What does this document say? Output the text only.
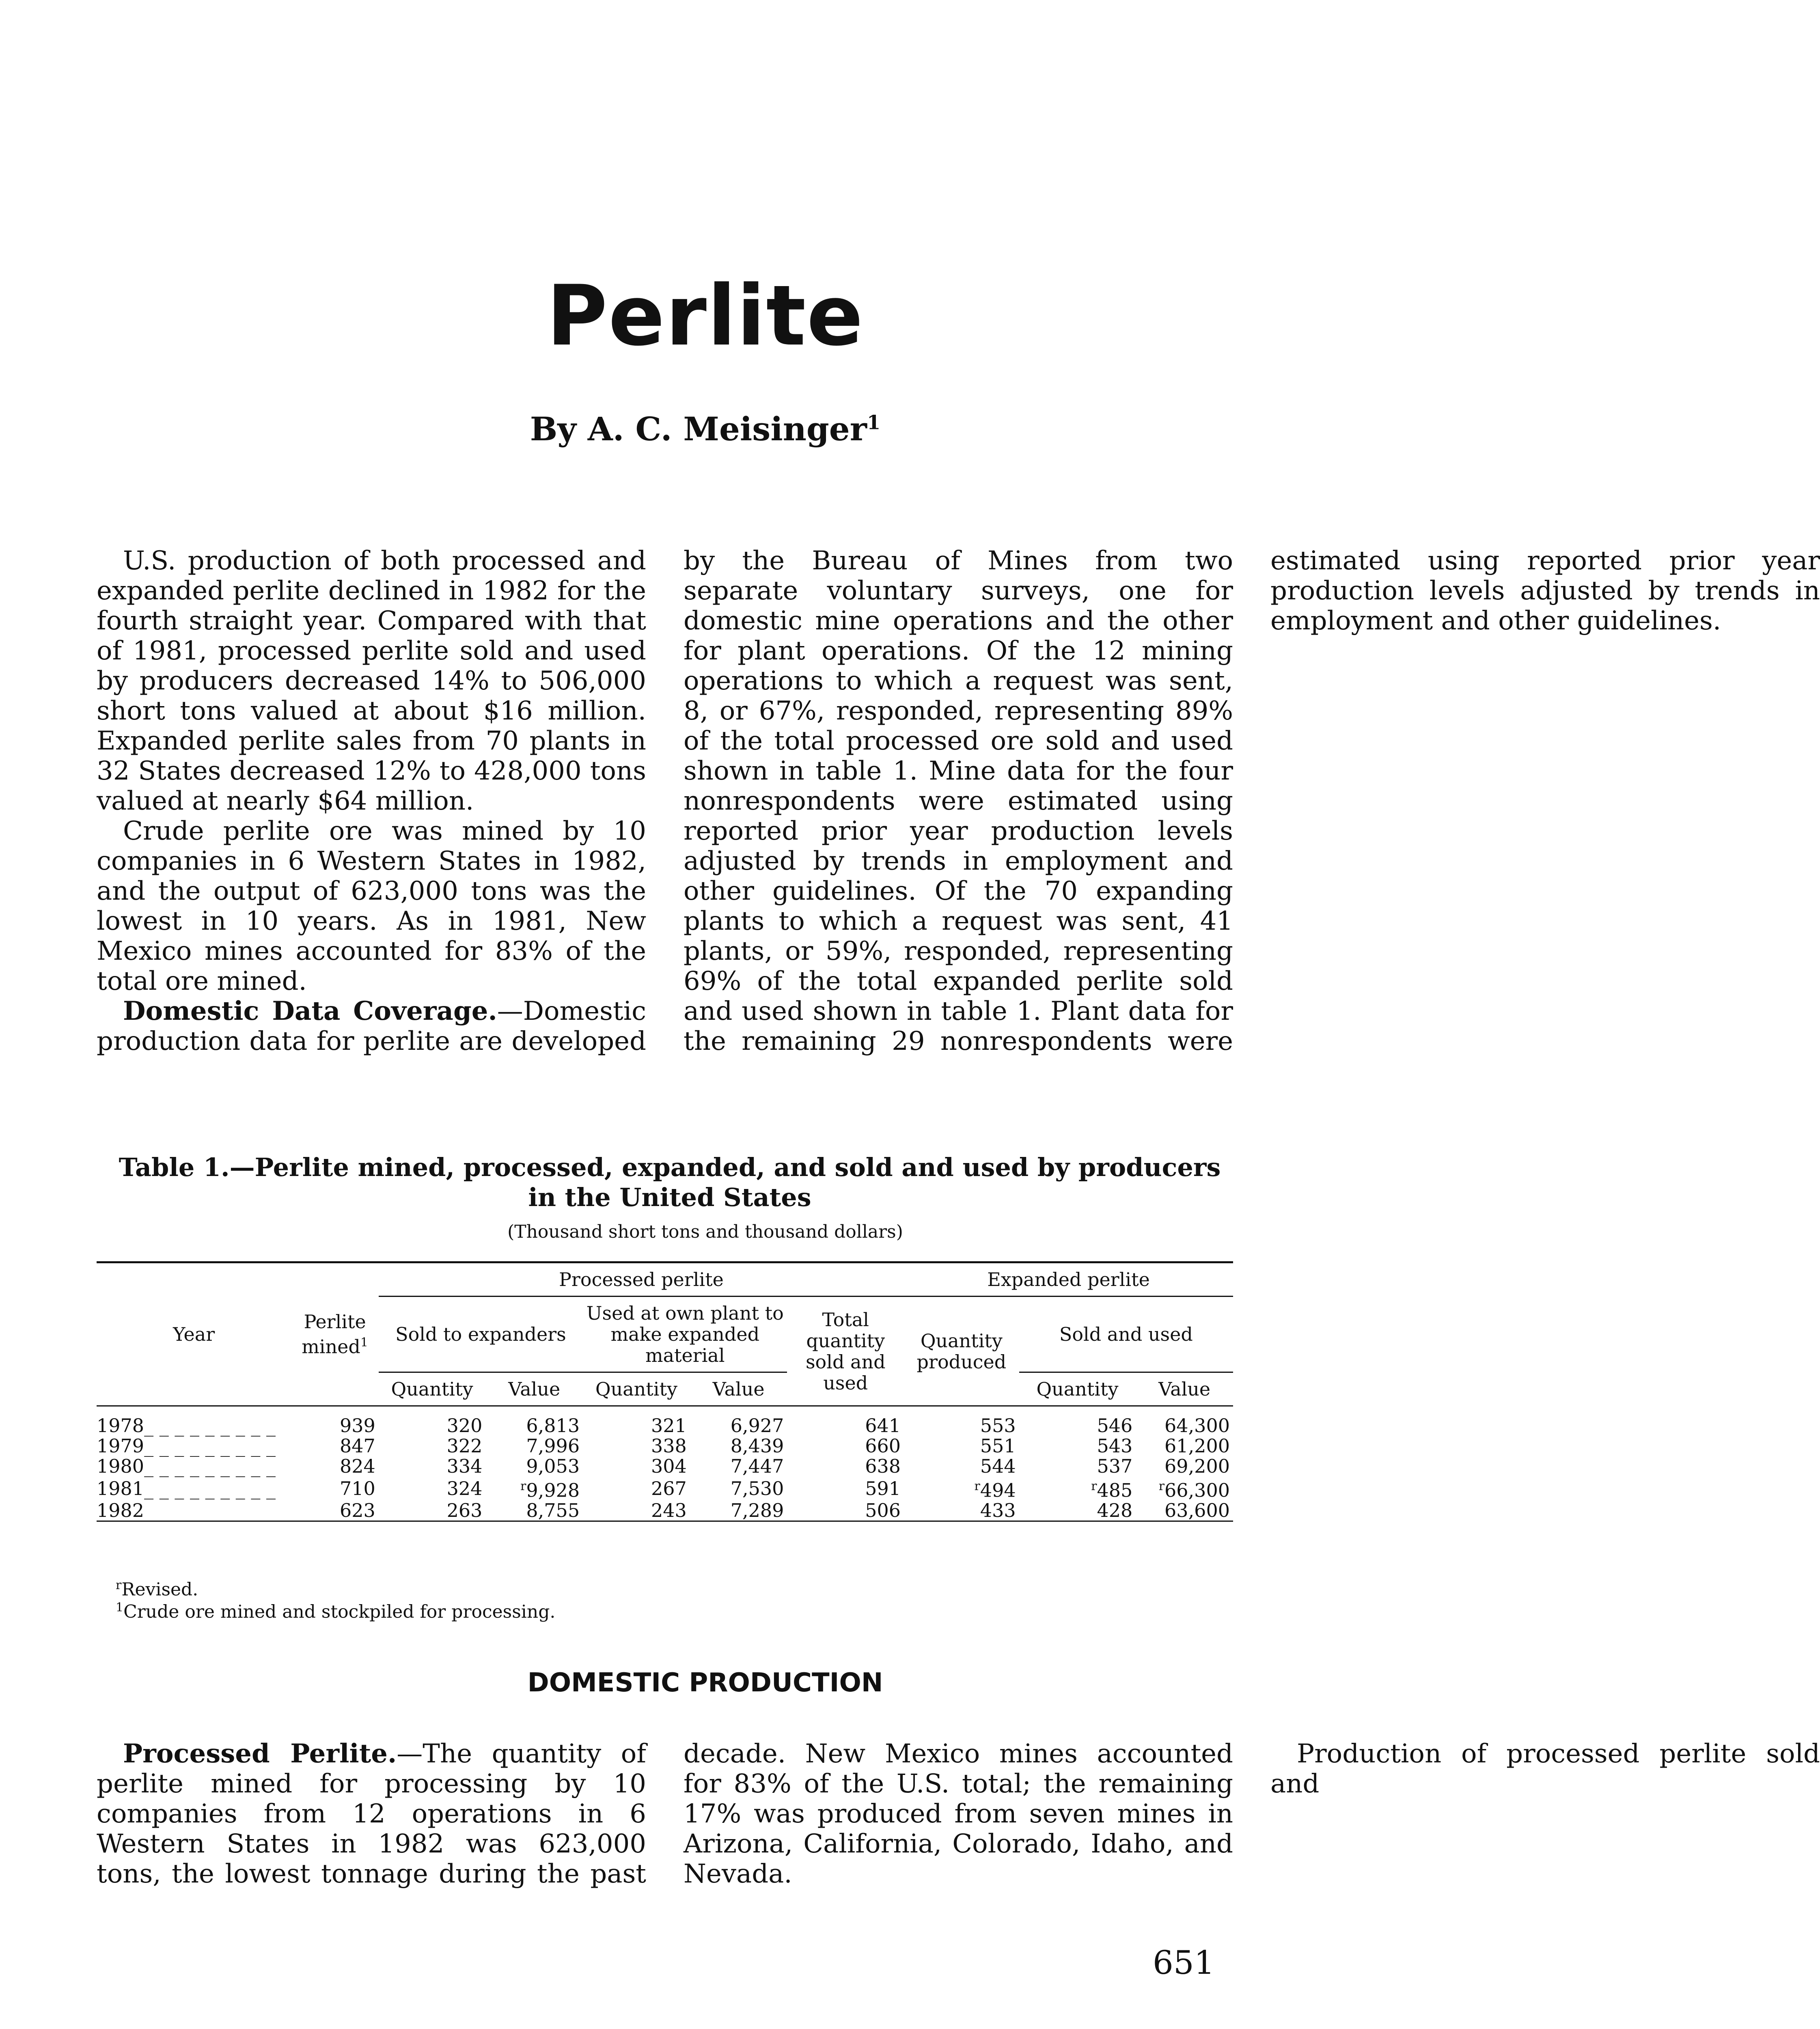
Perlite
By A. C. Meisinger$^1$

U.S. production of both processed and expanded perlite declined in 1982 for the fourth straight year. Compared with that of 1981, processed perlite sold and used by producers decreased 14% to 506,000 short tons valued at about $16 million. Expanded perlite sales from 70 plants in 32 States decreased 12% to 428,000 tons valued at nearly $64 million.

Crude perlite ore was mined by 10 companies in 6 Western States in 1982, and the output of 623,000 tons was the lowest in 10 years. As in 1981, New Mexico mines accounted for 83% of the total ore mined.

Domestic Data Coverage.—Domestic production data for perlite are developed by the Bureau of Mines from two separate voluntary surveys, one for domestic mine operations and the other for plant operations. Of the 12 mining operations to which a request was sent, 8, or 67%, responded, representing 89% of the total processed ore sold and used shown in table 1. Mine data for the four nonrespondents were estimated using reported prior year production levels adjusted by trends in employment and other guidelines. Of the 70 expanding plants to which a request was sent, 41 plants, or 59%, responded, representing 69% of the total expanded perlite sold and used shown in table 1. Plant data for the remaining 29 nonrespondents were estimated using reported prior year production levels adjusted by trends in employment and other guidelines.

Table 1.—Perlite mined, processed, expanded, and sold and used by producers in the United States
(Thousand short tons and thousand dollars)
Year	Perlite mined$^1$	Processed perlite					Expanded perlite		
		Sold to expanders		Used at own plant to make expanded material		Total quantity sold and used	Quantity produced	Sold and used	
		Quantity	Value	Quantity	Value			Quantity	Value

1978_ _ _ _ _ _ _ _ _	939	320	6,813	321	6,927	641	553	546	64,300
1979_ _ _ _ _ _ _ _ _	847	322	7,996	338	8,439	660	551	543	61,200
1980_ _ _ _ _ _ _ _ _	824	334	9,053	304	7,447	638	544	537	69,200
1981_ _ _ _ _ _ _ _ _	710	324	$^r$9,928	267	7,530	591	$^r$494	$^r$485	$^r$66,300
1982_ _ _ _ _ _ _ _ _	623	263	8,755	243	7,289	506	433	428	63,600
$^r$Revised.
$^1$Crude ore mined and stockpiled for processing.
DOMESTIC PRODUCTION

Processed Perlite.—The quantity of perlite mined for processing by 10 companies from 12 operations in 6 Western States in 1982 was 623,000 tons, the lowest tonnage during the past decade. New Mexico mines accounted for 83% of the U.S. total; the remaining 17% was produced from seven mines in Arizona, California, Colorado, Idaho, and Nevada.

Production of processed perlite sold and

651
